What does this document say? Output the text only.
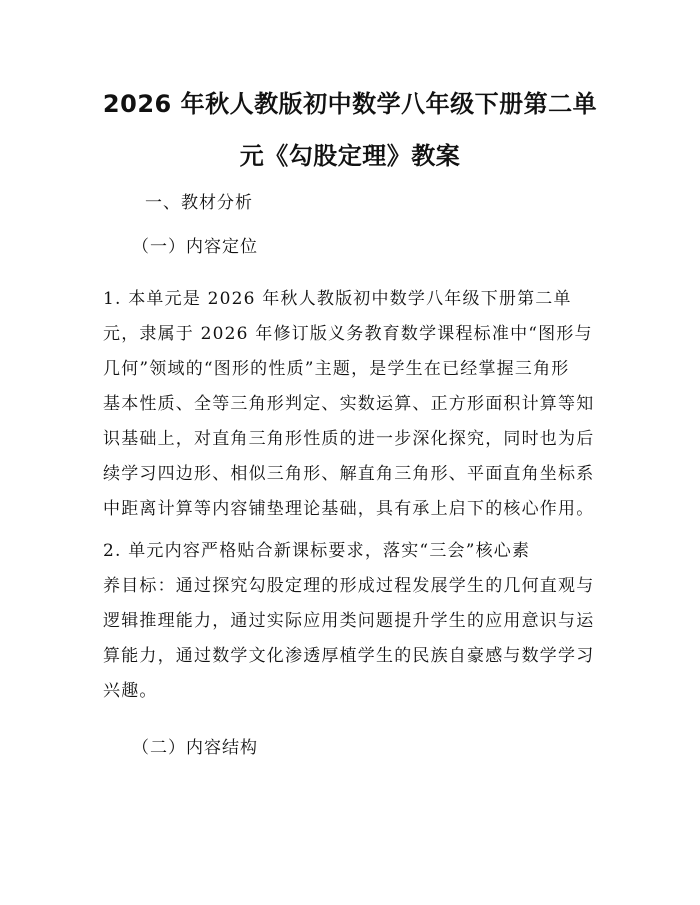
2026 年秋人教版初中数学八年级下册第二单
元《勾股定理》教案

一、教材分析

（一）内容定位

1. 本单元是 2026 年秋人教版初中数学八年级下册第二单
元，隶属于 2026 年修订版义务教育数学课程标准中“图形与
几何”领域的“图形的性质”主题，是学生在已经掌握三角形
基本性质、全等三角形判定、实数运算、正方形面积计算等知
识基础上，对直角三角形性质的进一步深化探究，同时也为后
续学习四边形、相似三角形、解直角三角形、平面直角坐标系
中距离计算等内容铺垫理论基础，具有承上启下的核心作用。
2. 单元内容严格贴合新课标要求，落实“三会”核心素
养目标：通过探究勾股定理的形成过程发展学生的几何直观与
逻辑推理能力，通过实际应用类问题提升学生的应用意识与运
算能力，通过数学文化渗透厚植学生的民族自豪感与数学学习
兴趣。

（二）内容结构
